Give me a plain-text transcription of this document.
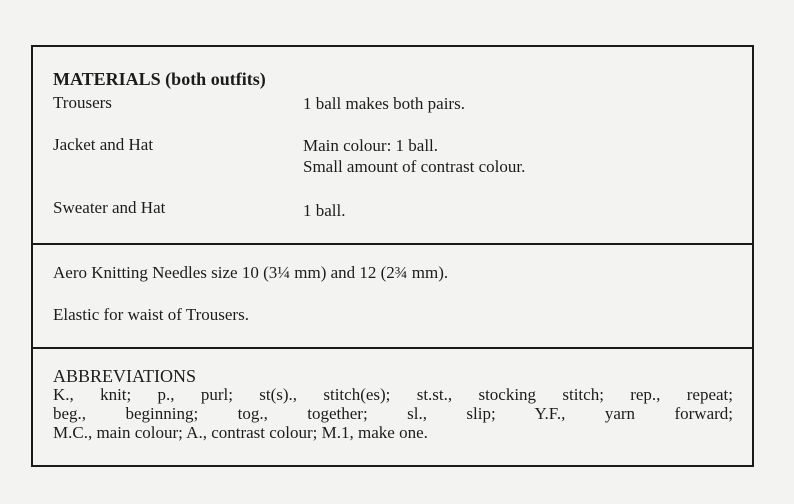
MATERIALS (both outfits)
Trousers	1 ball makes both pairs.
Jacket and Hat	Main colour: 1 ball.
Small amount of contrast colour.
Sweater and Hat	1 ball.
Aero Knitting Needles size 10 (3¼ mm) and 12 (2¾ mm).
Elastic for waist of Trousers.
ABBREVIATIONS
K., knit; p., purl; st(s)., stitch(es); st.st., stocking stitch; rep., repeat;
beg., beginning; tog., together; sl., slip; Y.F., yarn forward;
M.C., main colour; A., contrast colour; M.1, make one.
